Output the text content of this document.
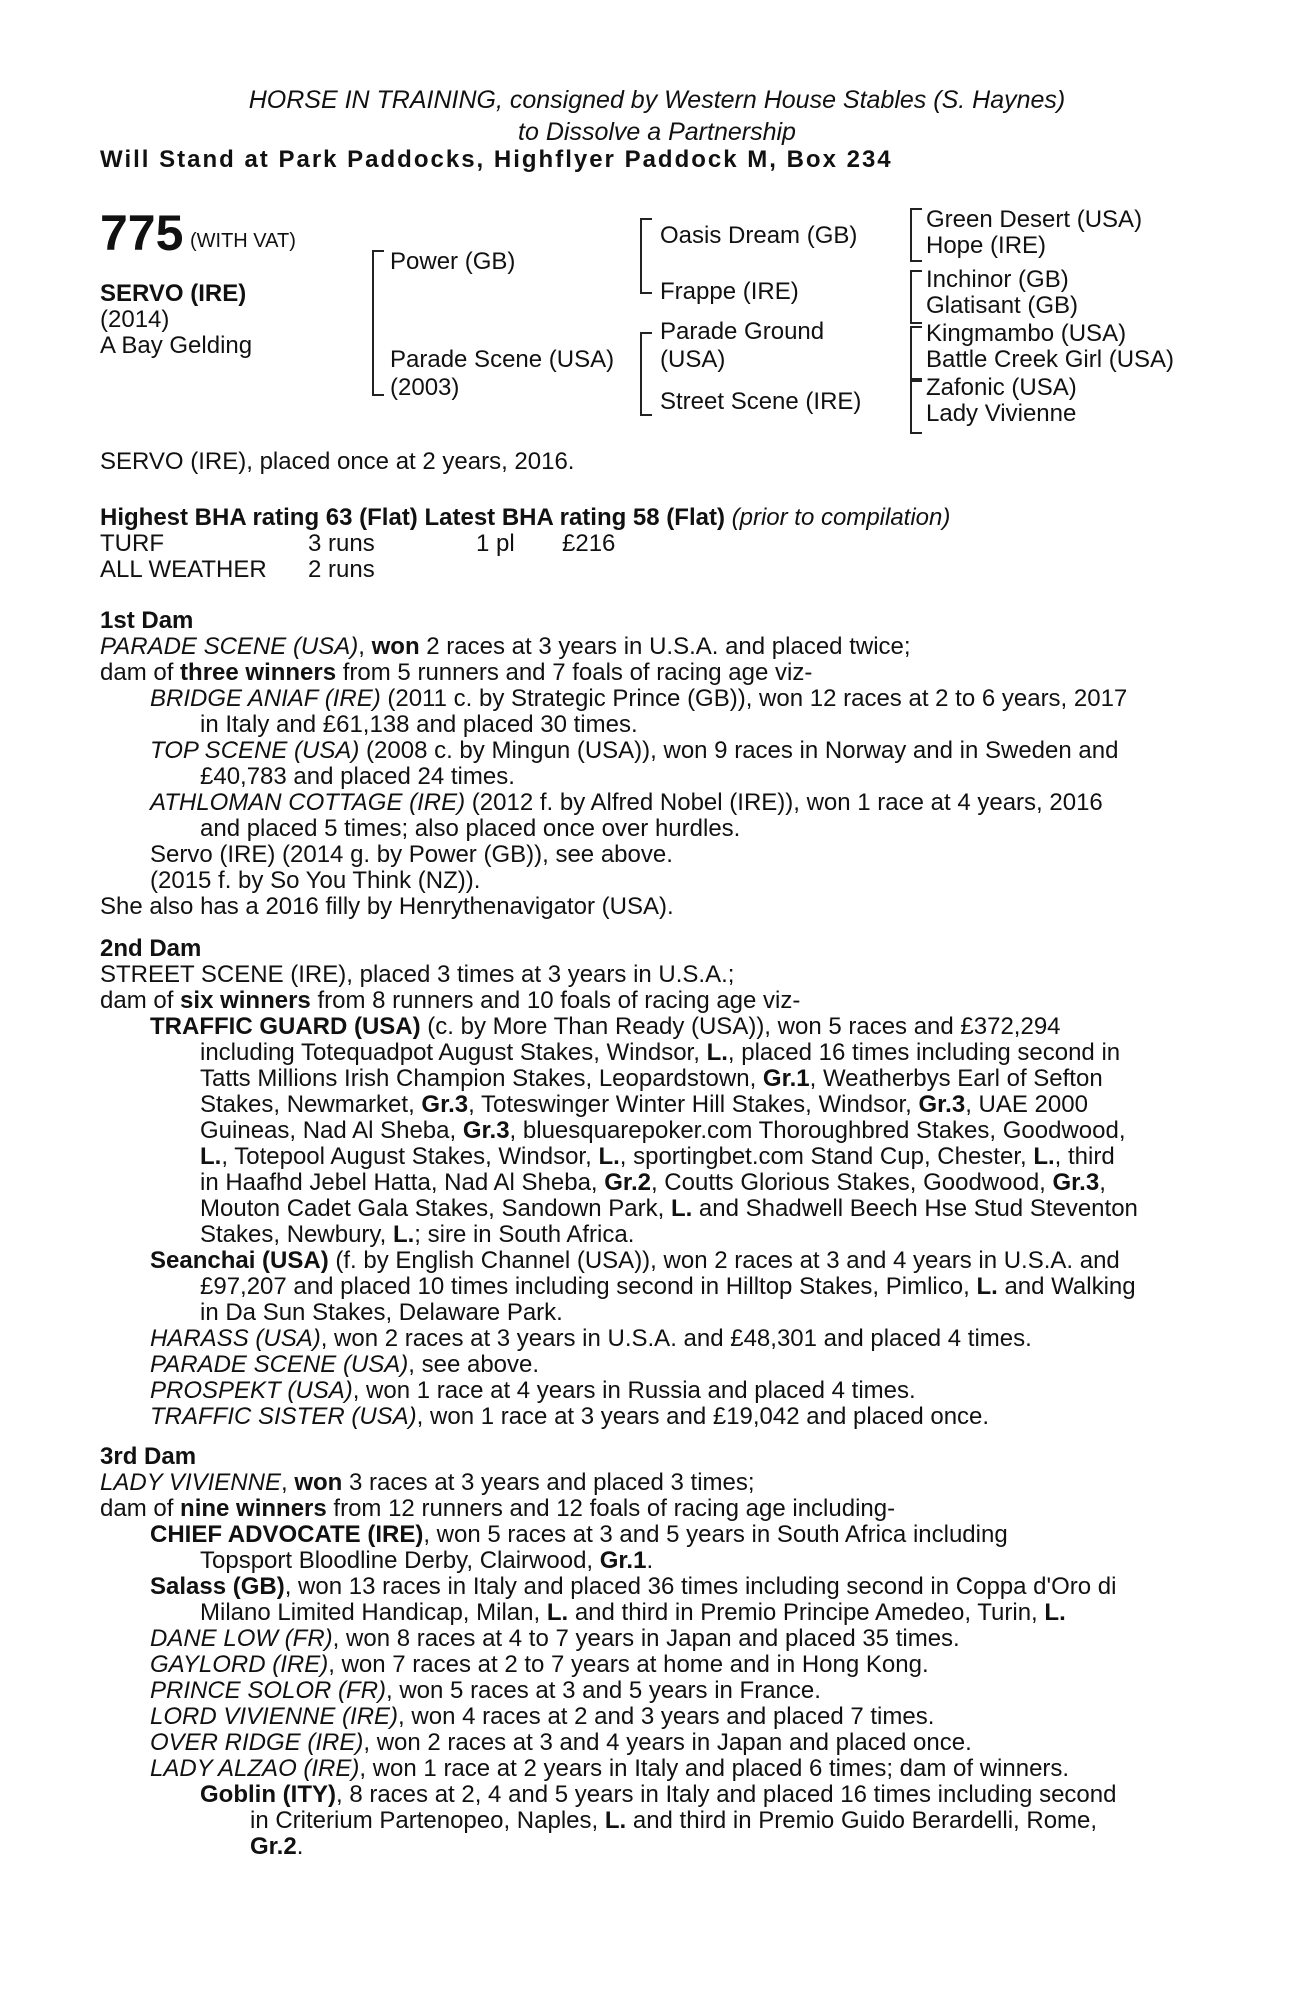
HORSE IN TRAINING, consigned by Western House Stables (S. Haynes)
to Dissolve a Partnership
Will Stand at Park Paddocks, Highflyer Paddock M, Box 234
775 (WITH VAT)
SERVO (IRE)
(2014)
A Bay Gelding
Power (GB)
Parade Scene (USA)
(2003)
Oasis Dream (GB)
Frappe (IRE)
Parade Ground
(USA)
Street Scene (IRE)
Green Desert (USA)
Hope (IRE)
Inchinor (GB)
Glatisant (GB)
Kingmambo (USA)
Battle Creek Girl (USA)
Zafonic (USA)
Lady Vivienne
SERVO (IRE), placed once at 2 years, 2016.
Highest BHA rating 63 (Flat) Latest BHA rating 58 (Flat) (prior to compilation)
TURF	3 runs	1 pl £216
ALL WEATHER 2 runs
1st Dam
PARADE SCENE (USA), won 2 races at 3 years in U.S.A. and placed twice;
dam of three winners from 5 runners and 7 foals of racing age viz-
BRIDGE ANIAF (IRE) (2011 c. by Strategic Prince (GB)), won 12 races at 2 to 6 years, 2017
in Italy and £61,138 and placed 30 times.
TOP SCENE (USA) (2008 c. by Mingun (USA)), won 9 races in Norway and in Sweden and
£40,783 and placed 24 times.
ATHLOMAN COTTAGE (IRE) (2012 f. by Alfred Nobel (IRE)), won 1 race at 4 years, 2016
and placed 5 times; also placed once over hurdles.
Servo (IRE) (2014 g. by Power (GB)), see above.
(2015 f. by So You Think (NZ)).
She also has a 2016 filly by Henrythenavigator (USA).
2nd Dam
STREET SCENE (IRE), placed 3 times at 3 years in U.S.A.;
dam of six winners from 8 runners and 10 foals of racing age viz-
TRAFFIC GUARD (USA) (c. by More Than Ready (USA)), won 5 races and £372,294
including Totequadpot August Stakes, Windsor, L., placed 16 times including second in
Tatts Millions Irish Champion Stakes, Leopardstown, Gr.1, Weatherbys Earl of Sefton
Stakes, Newmarket, Gr.3, Toteswinger Winter Hill Stakes, Windsor, Gr.3, UAE 2000
Guineas, Nad Al Sheba, Gr.3, bluesquarepoker.com Thoroughbred Stakes, Goodwood,
L., Totepool August Stakes, Windsor, L., sportingbet.com Stand Cup, Chester, L., third
in Haafhd Jebel Hatta, Nad Al Sheba, Gr.2, Coutts Glorious Stakes, Goodwood, Gr.3,
Mouton Cadet Gala Stakes, Sandown Park, L. and Shadwell Beech Hse Stud Steventon
Stakes, Newbury, L.; sire in South Africa.
Seanchai (USA) (f. by English Channel (USA)), won 2 races at 3 and 4 years in U.S.A. and
£97,207 and placed 10 times including second in Hilltop Stakes, Pimlico, L. and Walking
in Da Sun Stakes, Delaware Park.
HARASS (USA), won 2 races at 3 years in U.S.A. and £48,301 and placed 4 times.
PARADE SCENE (USA), see above.
PROSPEKT (USA), won 1 race at 4 years in Russia and placed 4 times.
TRAFFIC SISTER (USA), won 1 race at 3 years and £19,042 and placed once.
3rd Dam
LADY VIVIENNE, won 3 races at 3 years and placed 3 times;
dam of nine winners from 12 runners and 12 foals of racing age including-
CHIEF ADVOCATE (IRE), won 5 races at 3 and 5 years in South Africa including
Topsport Bloodline Derby, Clairwood, Gr.1.
Salass (GB), won 13 races in Italy and placed 36 times including second in Coppa d'Oro di
Milano Limited Handicap, Milan, L. and third in Premio Principe Amedeo, Turin, L.
DANE LOW (FR), won 8 races at 4 to 7 years in Japan and placed 35 times.
GAYLORD (IRE), won 7 races at 2 to 7 years at home and in Hong Kong.
PRINCE SOLOR (FR), won 5 races at 3 and 5 years in France.
LORD VIVIENNE (IRE), won 4 races at 2 and 3 years and placed 7 times.
OVER RIDGE (IRE), won 2 races at 3 and 4 years in Japan and placed once.
LADY ALZAO (IRE), won 1 race at 2 years in Italy and placed 6 times; dam of winners.
Goblin (ITY), 8 races at 2, 4 and 5 years in Italy and placed 16 times including second
in Criterium Partenopeo, Naples, L. and third in Premio Guido Berardelli, Rome,
Gr.2.
